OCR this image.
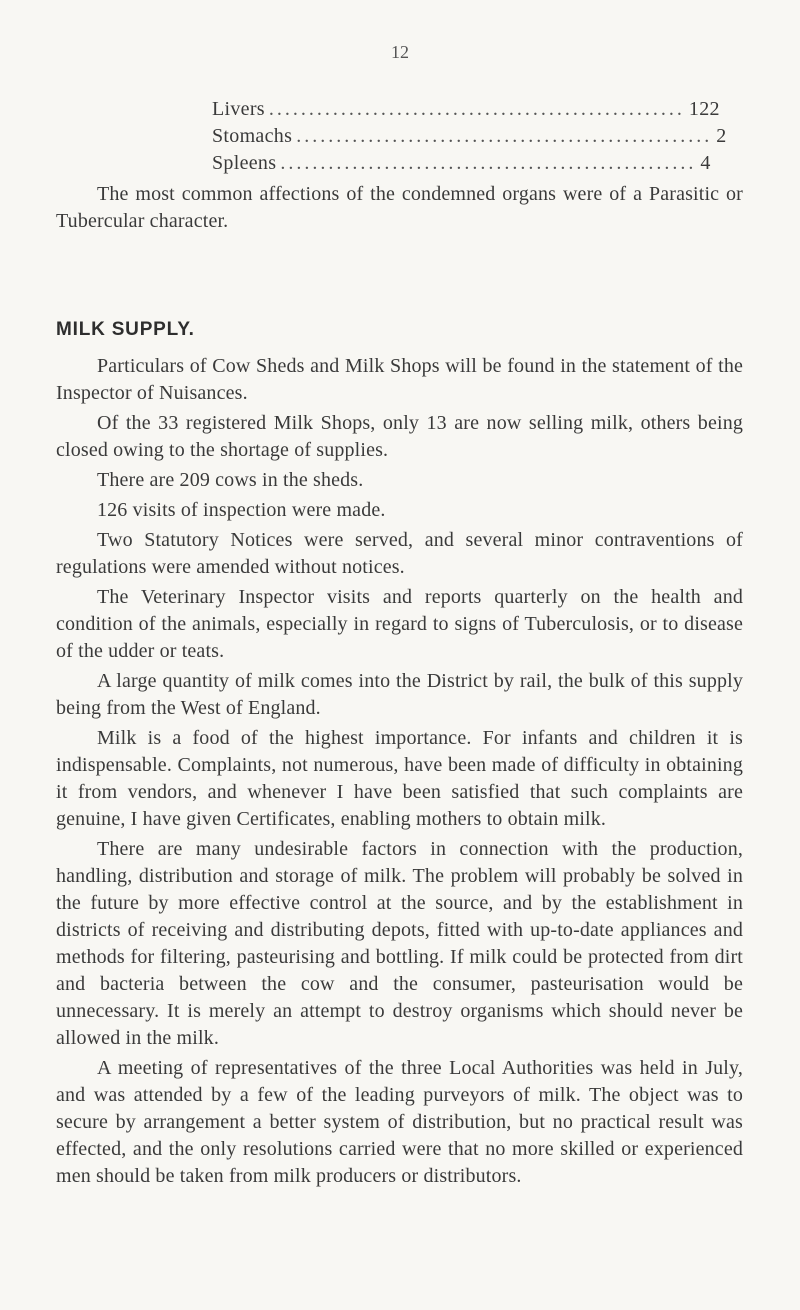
12
Livers .................................................... 122
Stomachs .................................................... 2
Spleens .................................................... 4

The most common affections of the condemned organs were of a Parasitic or Tubercular character.

MILK SUPPLY.

Particulars of Cow Sheds and Milk Shops will be found in the statement of the Inspector of Nuisances.

Of the 33 registered Milk Shops, only 13 are now selling milk, others being closed owing to the shortage of supplies.

There are 209 cows in the sheds.

126 visits of inspection were made.

Two Statutory Notices were served, and several minor contraventions of regulations were amended without notices.

The Veterinary Inspector visits and reports quarterly on the health and condition of the animals, especially in regard to signs of Tuberculosis, or to disease of the udder or teats.

A large quantity of milk comes into the District by rail, the bulk of this supply being from the West of England.

Milk is a food of the highest importance. For infants and children it is indispensable. Complaints, not numerous, have been made of difficulty in obtaining it from vendors, and whenever I have been satisfied that such complaints are genuine, I have given Certificates, enabling mothers to obtain milk.

There are many undesirable factors in connection with the production, handling, distribution and storage of milk. The problem will probably be solved in the future by more effective control at the source, and by the establishment in districts of receiving and distributing depots, fitted with up-to-date appliances and methods for filtering, pasteurising and bottling. If milk could be protected from dirt and bacteria between the cow and the consumer, pasteurisation would be unnecessary. It is merely an attempt to destroy organisms which should never be allowed in the milk.

A meeting of representatives of the three Local Authorities was held in July, and was attended by a few of the leading purveyors of milk. The object was to secure by arrangement a better system of distribution, but no practical result was effected, and the only resolutions carried were that no more skilled or experienced men should be taken from milk producers or distributors.
